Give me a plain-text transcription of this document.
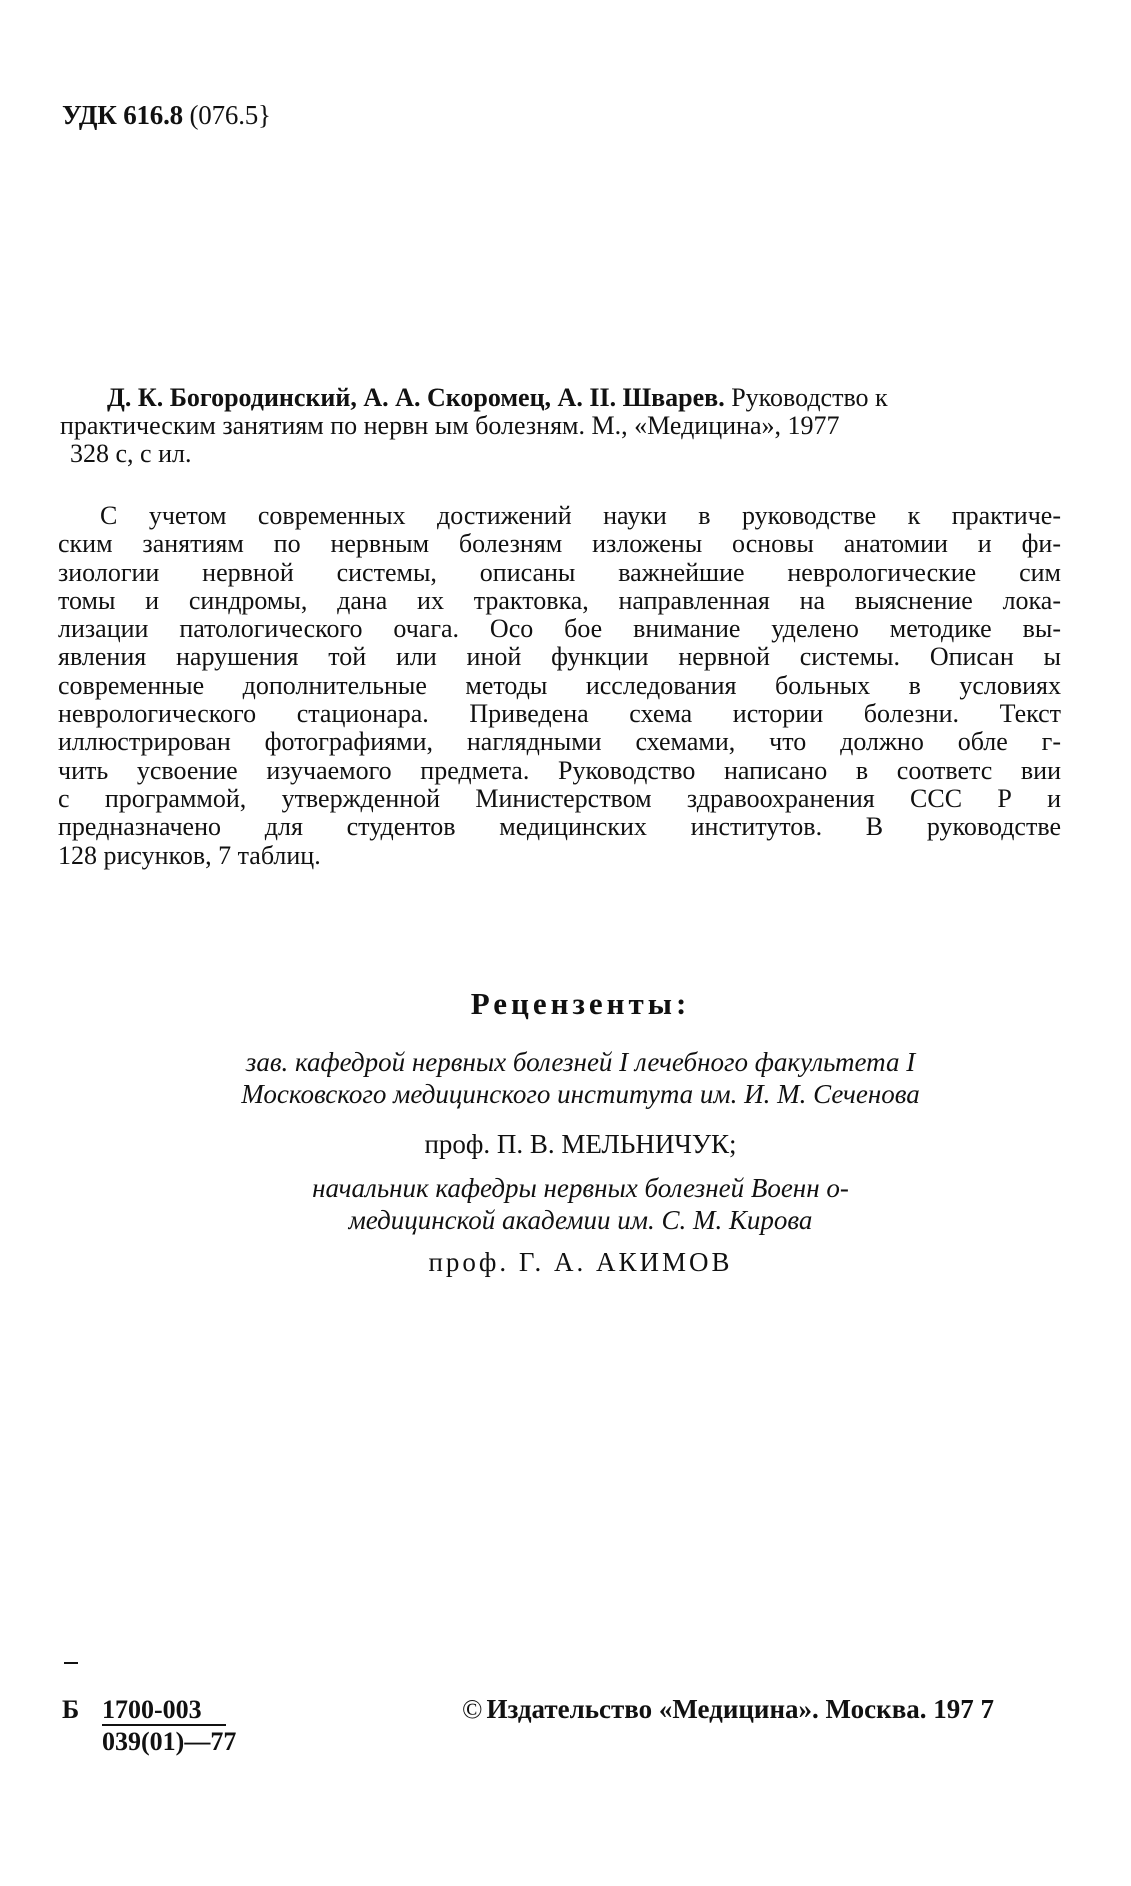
УДК 616.8 (076.5}
Д. К. Богородинский, А. А. Скоромец, А. II. Шварев. Руководство к
практическим занятиям по нервн ым болезням. М., «Медицина», 1977
328 с, с ил.
С учетом современных достижений науки в руководстве к практиче-
ским занятиям по нервным болезням изложены основы анатомии и фи-
зиологии нервной системы, описаны важнейшие неврологические сим
томы и синдромы, дана их трактовка, направленная на выяснение лока-
лизации патологического очага. Осо бое внимание уделено методике вы-
явления нарушения той или иной функции нервной системы. Описан ы
современные дополнительные методы исследования больных в условиях
неврологического стационара. Приведена схема истории болезни. Текст
иллюстрирован фотографиями, наглядными схемами, что должно обле г-
чить усвоение изучаемого предмета. Руководство написано в соответс вии
с программой, утвержденной Министерством здравоохранения ССС Р и
предназначено для студентов медицинских институтов. В руководстве
128 рисунков, 7 таблиц.
Рецензенты:
зав. кафедрой нервных болезней I лечебного факультета I
Московского медицинского института им. И. М. Сеченова
проф. П. В. МЕЛЬНИЧУК;
начальник кафедры нервных болезней Военн о-
медицинской академии им. С. М. Кирова
проф. Г. А. АКИМОВ
Б 1700-003
039(01)—77
© Издательство «Медицина». Москва. 197 7
